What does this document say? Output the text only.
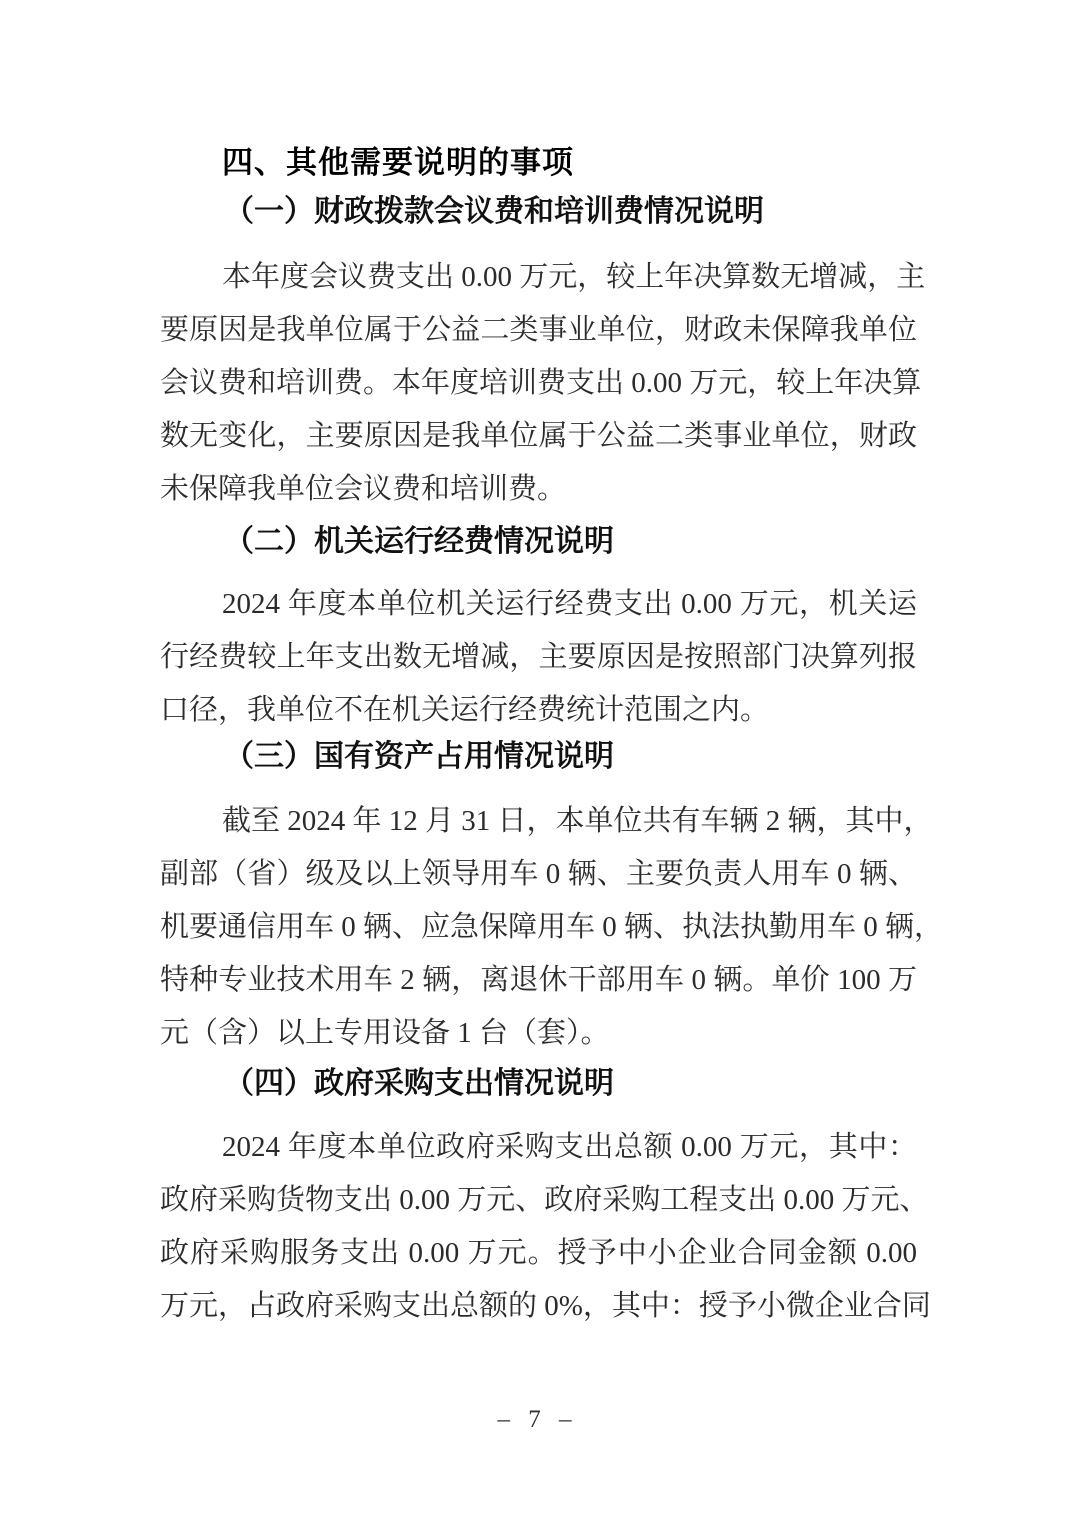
四、其他需要说明的事项
（一）财政拨款会议费和培训费情况说明
本年度会议费支出 0.00 万元，较上年决算数无增减，主
要原因是我单位属于公益二类事业单位，财政未保障我单位
会议费和培训费。本年度培训费支出 0.00 万元，较上年决算
数无变化，主要原因是我单位属于公益二类事业单位，财政
未保障我单位会议费和培训费。
（二）机关运行经费情况说明
2024 年度本单位机关运行经费支出 0.00 万元，机关运
行经费较上年支出数无增减，主要原因是按照部门决算列报
口径，我单位不在机关运行经费统计范围之内。
（三）国有资产占用情况说明
截至 2024 年 12 月 31 日，本单位共有车辆 2 辆，其中，
副部（省）级及以上领导用车 0 辆、主要负责人用车 0 辆、
机要通信用车 0 辆、应急保障用车 0 辆、执法执勤用车 0 辆，
特种专业技术用车 2 辆，离退休干部用车 0 辆。单价 100 万
元（含）以上专用设备 1 台（套）。
（四）政府采购支出情况说明
2024 年度本单位政府采购支出总额 0.00 万元，其中：
政府采购货物支出 0.00 万元、政府采购工程支出 0.00 万元、
政府采购服务支出 0.00 万元。授予中小企业合同金额 0.00
万元，占政府采购支出总额的 0%，其中：授予小微企业合同
– 7 –
